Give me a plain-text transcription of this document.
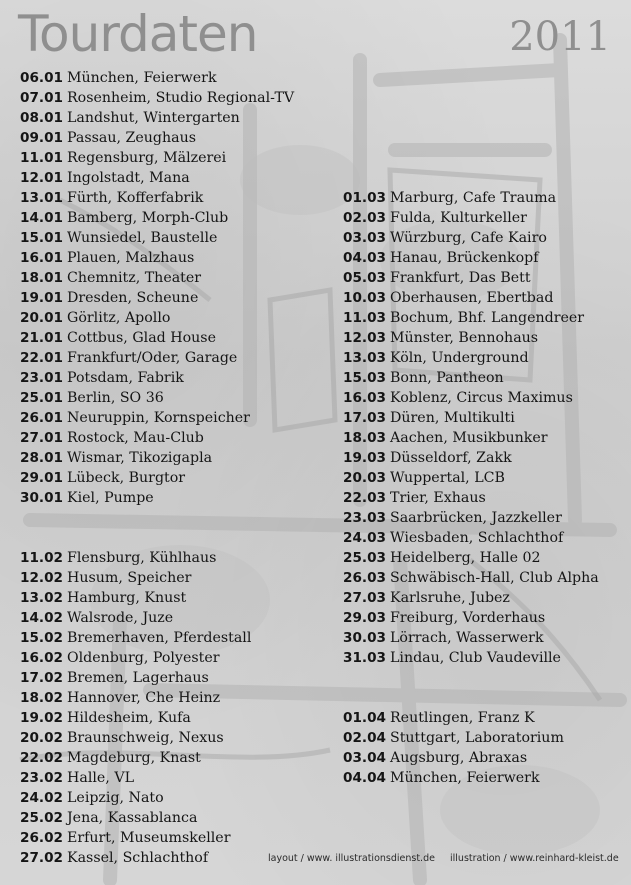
Tourdaten	2011
06.01 München, Feierwerk
07.01 Rosenheim, Studio Regional-TV
08.01 Landshut, Wintergarten
09.01 Passau, Zeughaus
11.01 Regensburg, Mälzerei
12.01 Ingolstadt, Mana
13.01 Fürth, Kofferfabrik
14.01 Bamberg, Morph-Club
15.01 Wunsiedel, Baustelle
16.01 Plauen, Malzhaus
18.01 Chemnitz, Theater
19.01 Dresden, Scheune
20.01 Görlitz, Apollo
21.01 Cottbus, Glad House
22.01 Frankfurt/Oder, Garage
23.01 Potsdam, Fabrik
25.01 Berlin, SO 36
26.01 Neuruppin, Kornspeicher
27.01 Rostock, Mau-Club
28.01 Wismar, Tikozigapla
29.01 Lübeck, Burgtor
30.01 Kiel, Pumpe
11.02 Flensburg, Kühlhaus
12.02 Husum, Speicher
13.02 Hamburg, Knust
14.02 Walsrode, Juze
15.02 Bremerhaven, Pferdestall
16.02 Oldenburg, Polyester
17.02 Bremen, Lagerhaus
18.02 Hannover, Che Heinz
19.02 Hildesheim, Kufa
20.02 Braunschweig, Nexus
22.02 Magdeburg, Knast
23.02 Halle, VL
24.02 Leipzig, Nato
25.02 Jena, Kassablanca
26.02 Erfurt, Museumskeller
27.02 Kassel, Schlachthof
01.03 Marburg, Cafe Trauma
02.03 Fulda, Kulturkeller
03.03 Würzburg, Cafe Kairo
04.03 Hanau, Brückenkopf
05.03 Frankfurt, Das Bett
10.03 Oberhausen, Ebertbad
11.03 Bochum, Bhf. Langendreer
12.03 Münster, Bennohaus
13.03 Köln, Underground
15.03 Bonn, Pantheon
16.03 Koblenz, Circus Maximus
17.03 Düren, Multikulti
18.03 Aachen, Musikbunker
19.03 Düsseldorf, Zakk
20.03 Wuppertal, LCB
22.03 Trier, Exhaus
23.03 Saarbrücken, Jazzkeller
24.03 Wiesbaden, Schlachthof
25.03 Heidelberg, Halle 02
26.03 Schwäbisch-Hall, Club Alpha
27.03 Karlsruhe, Jubez
29.03 Freiburg, Vorderhaus
30.03 Lörrach, Wasserwerk
31.03 Lindau, Club Vaudeville
01.04 Reutlingen, Franz K
02.04 Stuttgart, Laboratorium
03.04 Augsburg, Abraxas
04.04 München, Feierwerk
layout / www. illustrationsdienst.de illustration / www.reinhard-kleist.de
